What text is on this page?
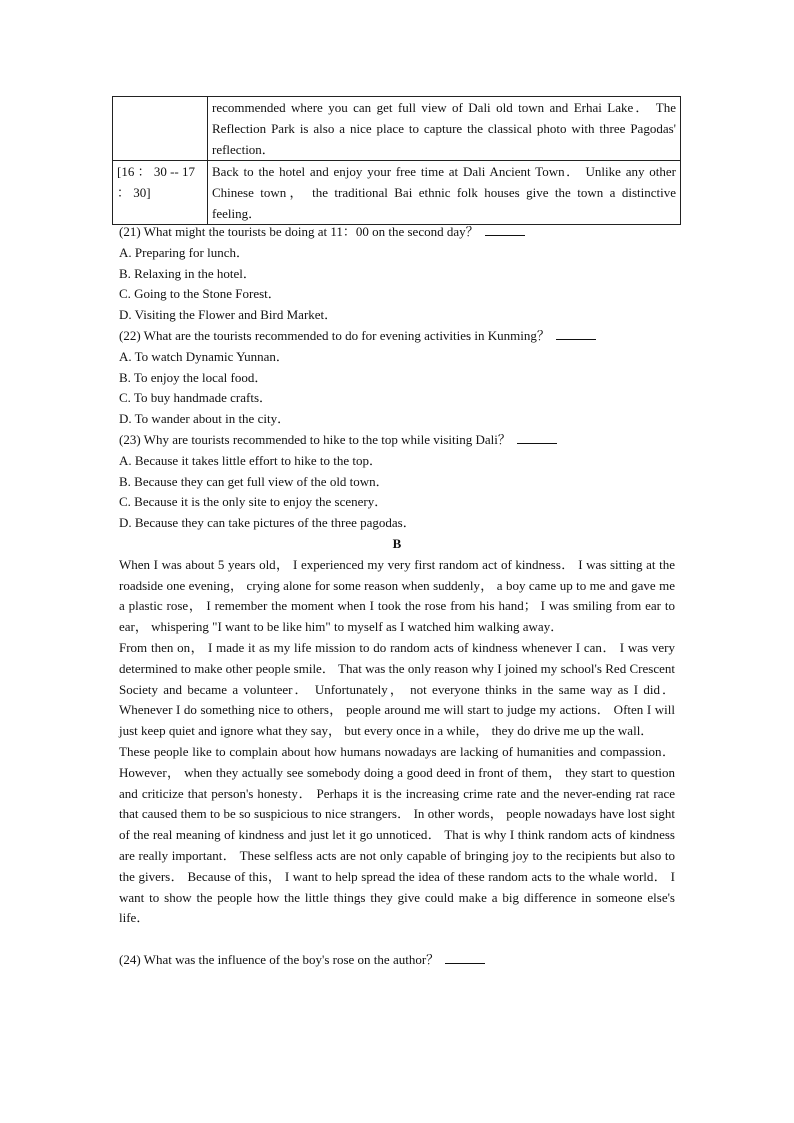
	recommended where you can get full view of Dali old town and Erhai Lake． The Reflection Park is also a nice place to capture the classical photo with three Pagodas' reflection．
[16 ： 30 -- 17 ： 30]	Back to the hotel and enjoy your free time at Dali Ancient Town． Unlike any other Chinese town， the traditional Bai ethnic folk houses give the town a distinctive feeling．
(21) What might the tourists be doing at 11：00 on the second day？
A. Preparing for lunch．
B. Relaxing in the hotel．
C. Going to the Stone Forest．
D. Visiting the Flower and Bird Market．
(22) What are the tourists recommended to do for evening activities in Kunming？
A. To watch Dynamic Yunnan．
B. To enjoy the local food．
C. To buy handmade crafts．
D. To wander about in the city．
(23) Why are tourists recommended to hike to the top while visiting Dali？
A. Because it takes little effort to hike to the top．
B. Because they can get full view of the old town．
C. Because it is the only site to enjoy the scenery．
D. Because they can take pictures of the three pagodas．
B

When I was about 5 years old， I experienced my very first random act of kindness． I was sitting at the roadside one evening， crying alone for some reason when suddenly， a boy came up to me and gave me a plastic rose， I remember the moment when I took the rose from his hand； I was smiling from ear to ear， whispering "I want to be like him" to myself as I watched him walking away．

From then on， I made it as my life mission to do random acts of kindness whenever I can． I was very determined to make other people smile． That was the only reason why I joined my school's Red Crescent Society and became a volunteer． Unfortunately， not everyone thinks in the same way as I did． Whenever I do something nice to others， people around me will start to judge my actions． Often I will just keep quiet and ignore what they say， but every once in a while， they do drive me up the wall．

These people like to complain about how humans nowadays are lacking of humanities and compassion． However， when they actually see somebody doing a good deed in front of them， they start to question and criticize that person's honesty． Perhaps it is the increasing crime rate and the never-ending rat race that caused them to be so suspicious to nice strangers． In other words， people nowadays have lost sight of the real meaning of kindness and just let it go unnoticed． That is why I think random acts of kindness are really important． These selfless acts are not only capable of bringing joy to the recipients but also to the givers． Because of this， I want to help spread the idea of these random acts to the whale world． I want to show the people how the little things they give could make a big difference in someone else's life．

(24) What was the influence of the boy's rose on the author？
